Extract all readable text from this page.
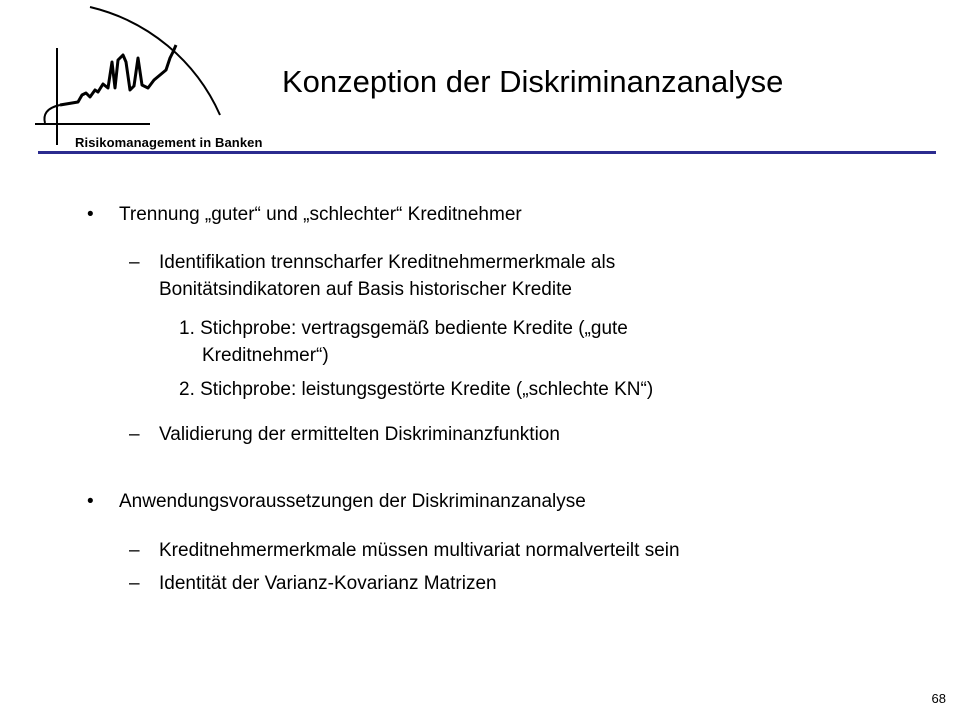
Risikomanagement in Banken
Konzeption der Diskriminanzanalyse
• Trennung „guter“ und „schlechter“ Kreditnehmer
– Identifikation trennscharfer Kreditnehmermerkmale als
Bonitätsindikatoren auf Basis historischer Kredite
1. Stichprobe: vertragsgemäß bediente Kredite („gute
Kreditnehmer“)
2. Stichprobe: leistungsgestörte Kredite („schlechte KN“)
– Validierung der ermittelten Diskriminanzfunktion
• Anwendungsvoraussetzungen der Diskriminanzanalyse
– Kreditnehmermerkmale müssen multivariat normalverteilt sein
– Identität der Varianz-Kovarianz Matrizen
68
